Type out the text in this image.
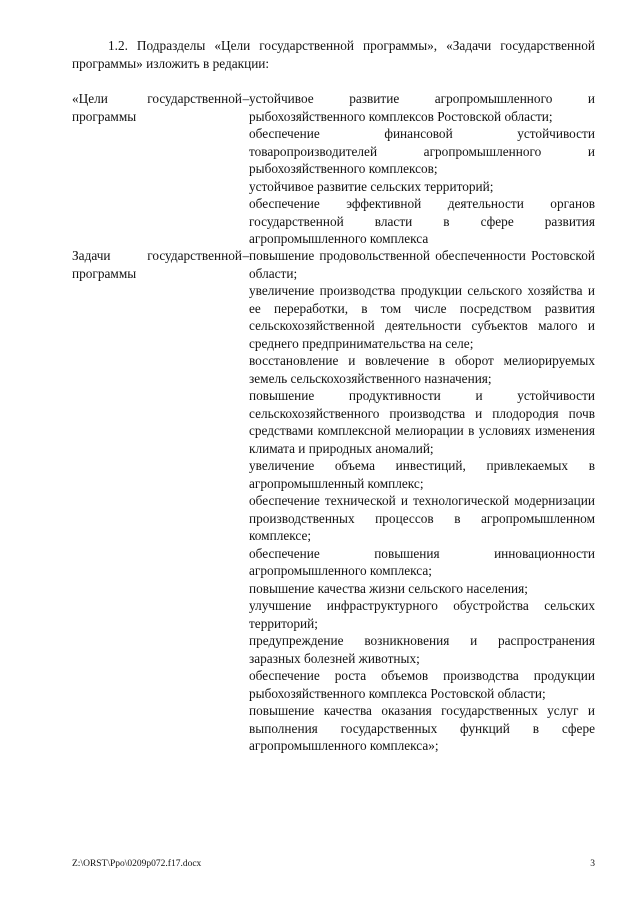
1.2. Подразделы «Цели государственной программы», «Задачи государственной программы» изложить в редакции:

«Цели государственной программы
– устойчивое развитие агропромышленного и рыбохозяйственного комплексов Ростовской области;

обеспечение финансовой устойчивости товаропроизводителей агропромышленного и рыбохозяйственного комплексов;

устойчивое развитие сельских территорий;

обеспечение эффективной деятельности органов государственной власти в сфере развития агропромышленного комплекса

Задачи государственной программы
– повышение продовольственной обеспеченности Ростовской области;

увеличение производства продукции сельского хозяйства и ее переработки, в том числе посредством развития сельскохозяйственной деятельности субъектов малого и среднего предпринимательства на селе;

восстановление и вовлечение в оборот мелиорируемых земель сельскохозяйственного назначения;

повышение продуктивности и устойчивости сельскохозяйственного производства и плодородия почв средствами комплексной мелиорации в условиях изменения климата и природных аномалий;

увеличение объема инвестиций, привлекаемых в агропромышленный комплекс;

обеспечение технической и технологической модернизации производственных процессов в агропромышленном комплексе;

обеспечение повышения инновационности агропромышленного комплекса;

повышение качества жизни сельского населения;

улучшение инфраструктурного обустройства сельских территорий;

предупреждение возникновения и распространения заразных болезней животных;

обеспечение роста объемов производства продукции рыбохозяйственного комплекса Ростовской области;

повышение качества оказания государственных услуг и выполнения государственных функций в сфере агропромышленного комплекса»;

Z:\ORST\Ppo\0209p072.f17.docx	3
